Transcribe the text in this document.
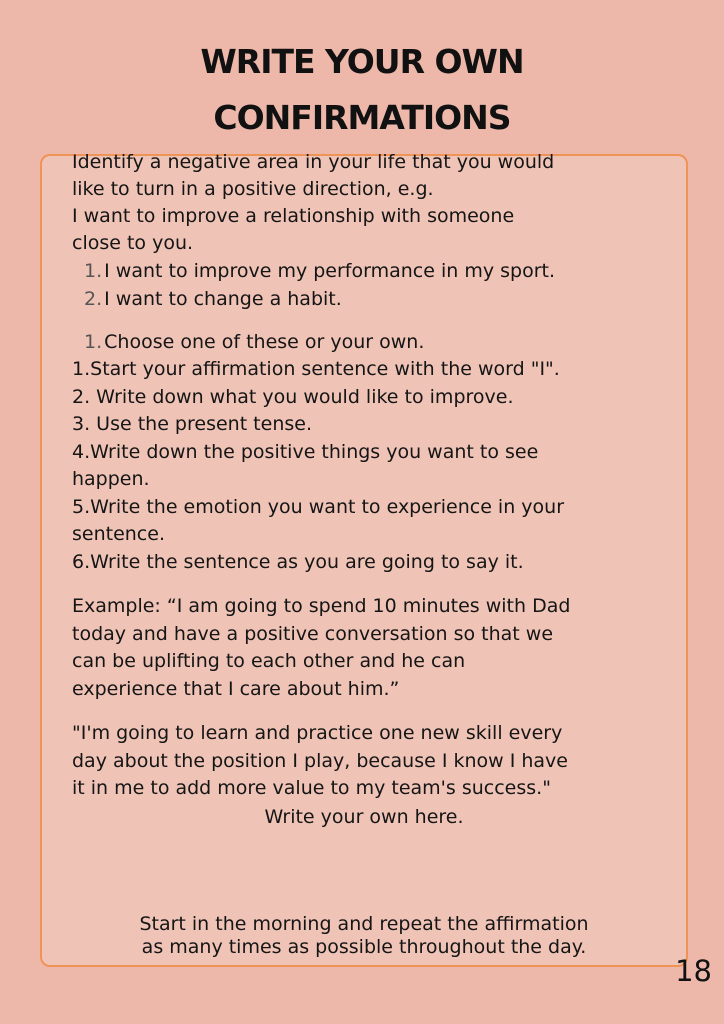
WRITE YOUR OWN
CONFIRMATIONS

Identify a negative area in your life that you would

like to turn in a positive direction, e.g.

I want to improve a relationship with someone

close to you.

1. I want to improve my performance in my sport.

2. I want to change a habit.

1. Choose one of these or your own.

1.Start your affirmation sentence with the word "I".

2. Write down what you would like to improve.

3. Use the present tense.

4.Write down the positive things you want to see

happen.

5.Write the emotion you want to experience in your

sentence.

6.Write the sentence as you are going to say it.

Example: “I am going to spend 10 minutes with Dad

today and have a positive conversation so that we

can be uplifting to each other and he can

experience that I care about him.”

"I'm going to learn and practice one new skill every

day about the position I play, because I know I have

it in me to add more value to my team's success."

Write your own here.

Start in the morning and repeat the affirmation

as many times as possible throughout the day.

18
